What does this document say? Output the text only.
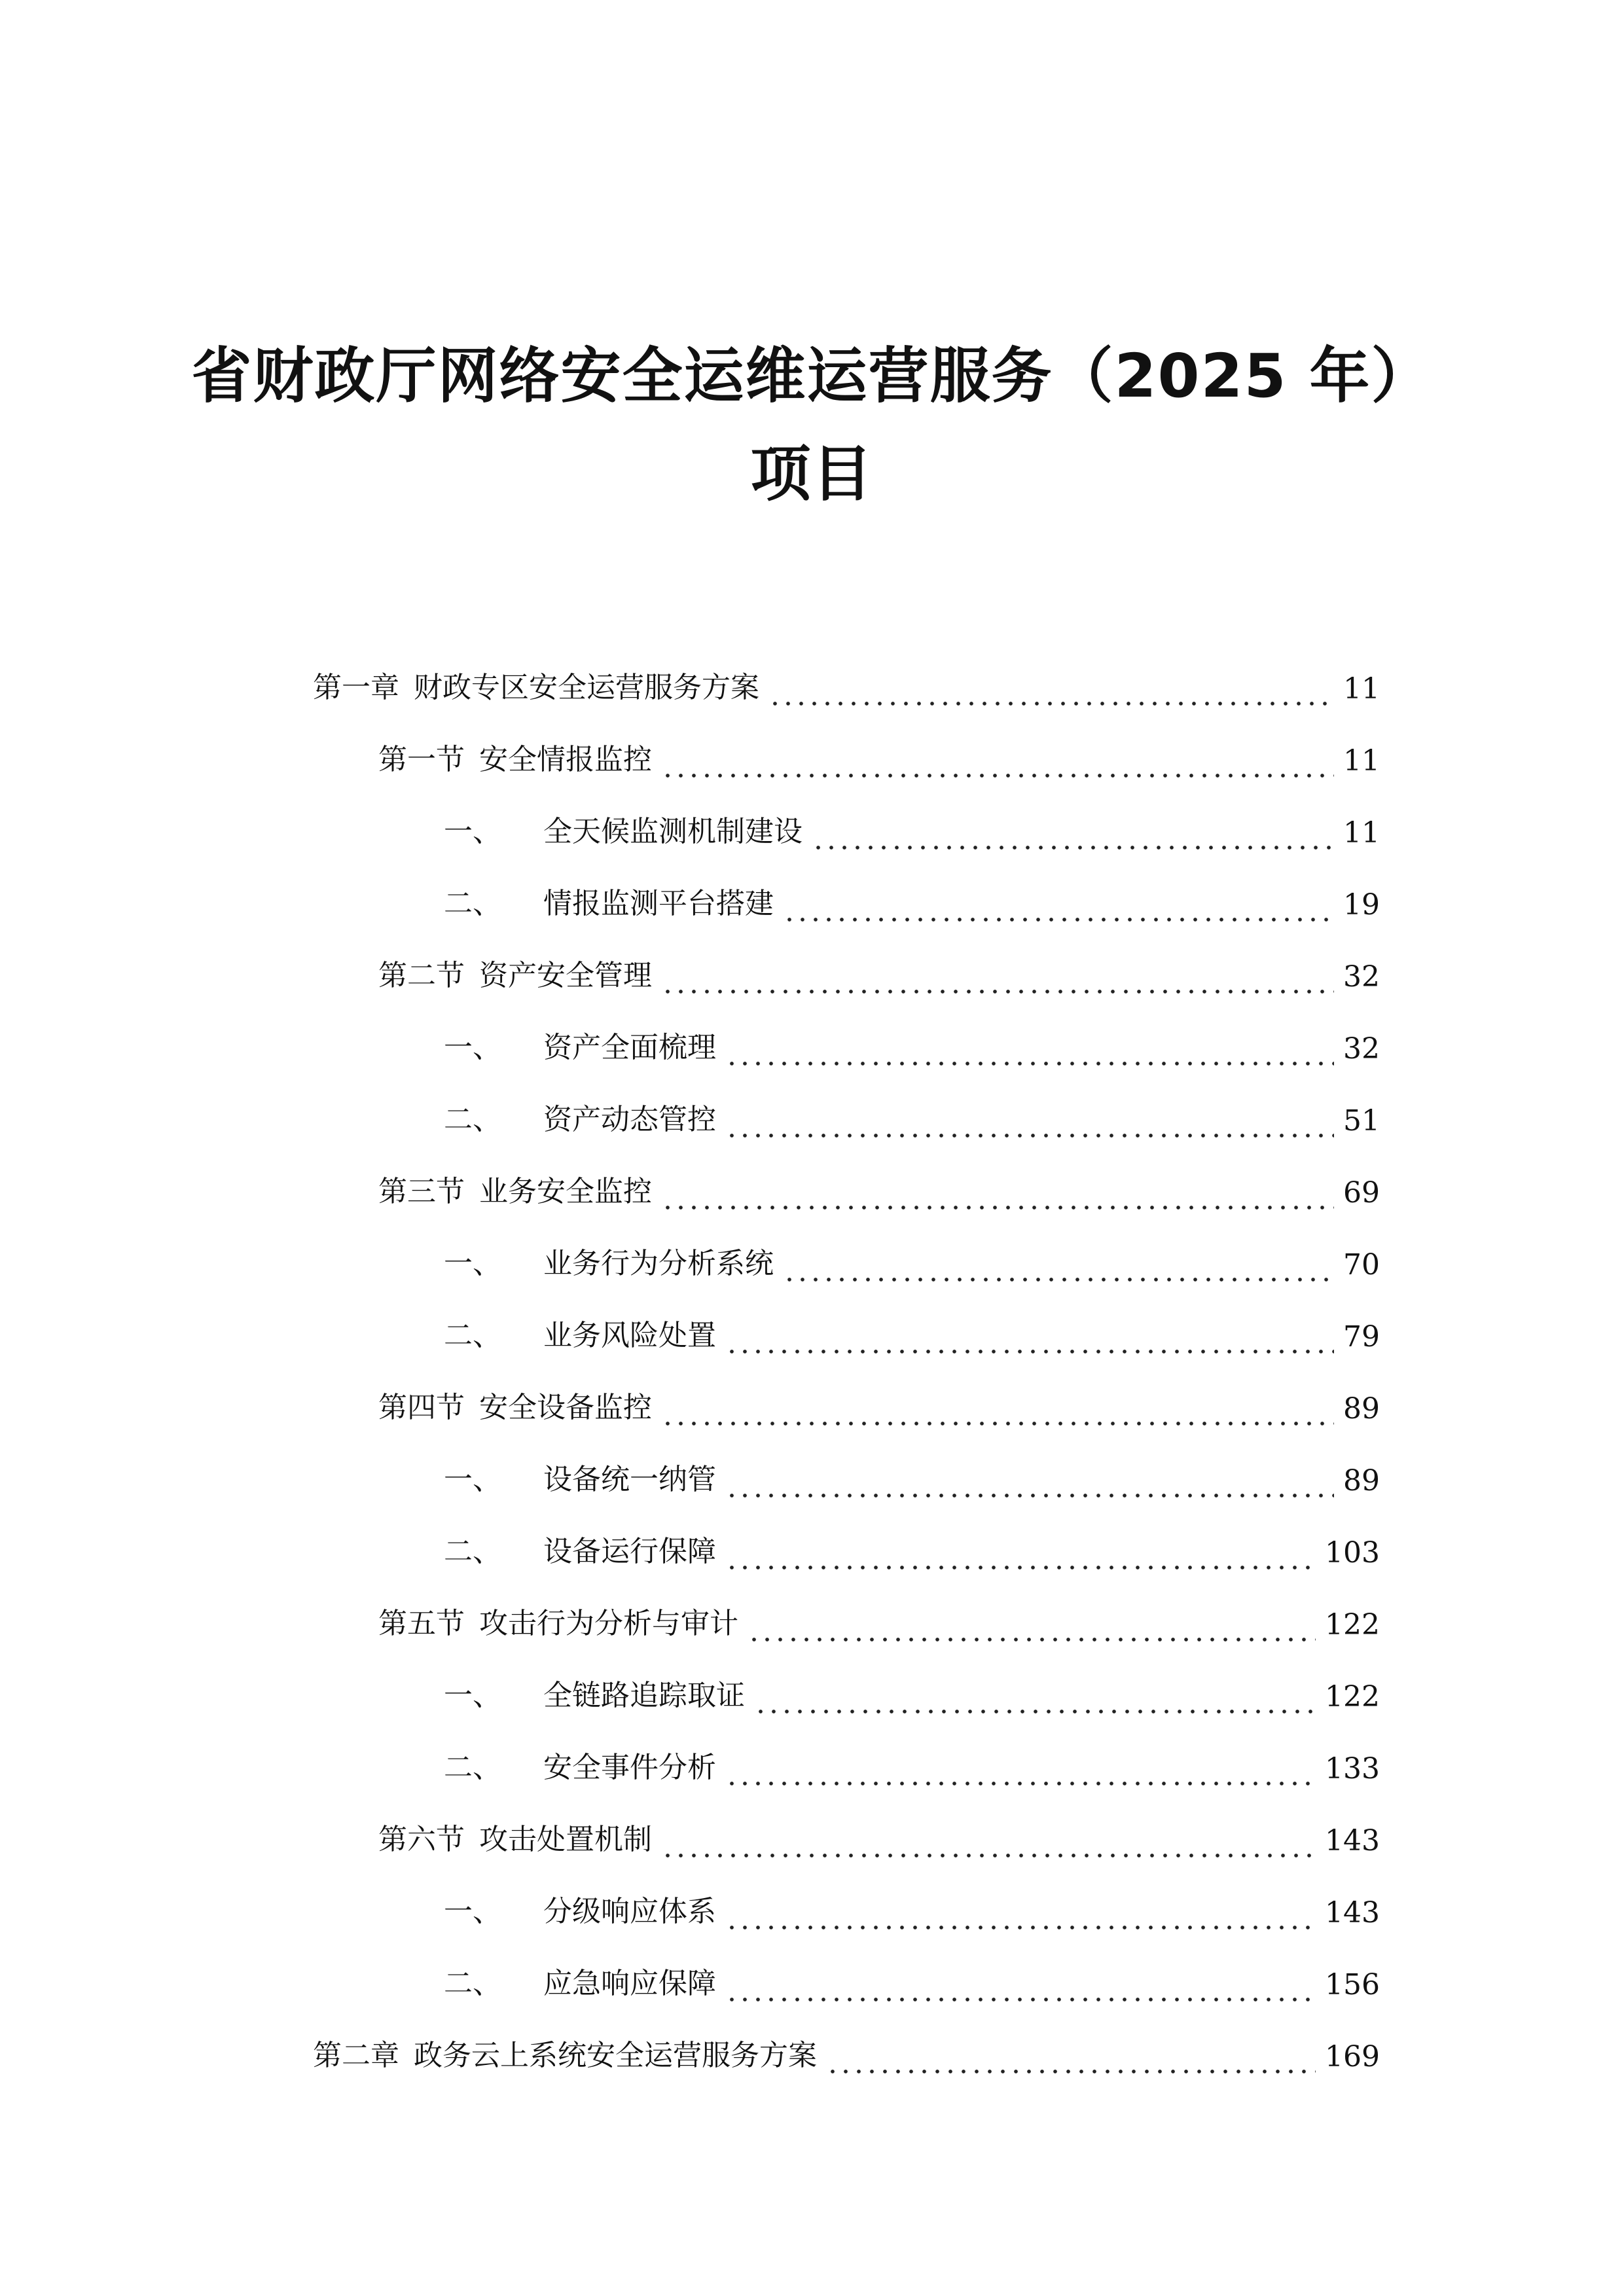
省财政厅网络安全运维运营服务（2025 年）
项目
第一章 财政专区安全运营服务方案	11
第一节 安全情报监控	11
一、 全天候监测机制建设	11
二、 情报监测平台搭建	19
第二节 资产安全管理	32
一、 资产全面梳理	32
二、 资产动态管控	51
第三节 业务安全监控	69
一、 业务行为分析系统	70
二、 业务风险处置	79
第四节 安全设备监控	89
一、 设备统一纳管	89
二、 设备运行保障	103
第五节 攻击行为分析与审计	122
一、 全链路追踪取证	122
二、 安全事件分析	133
第六节 攻击处置机制	143
一、 分级响应体系	143
二、 应急响应保障	156
第二章 政务云上系统安全运营服务方案	169
